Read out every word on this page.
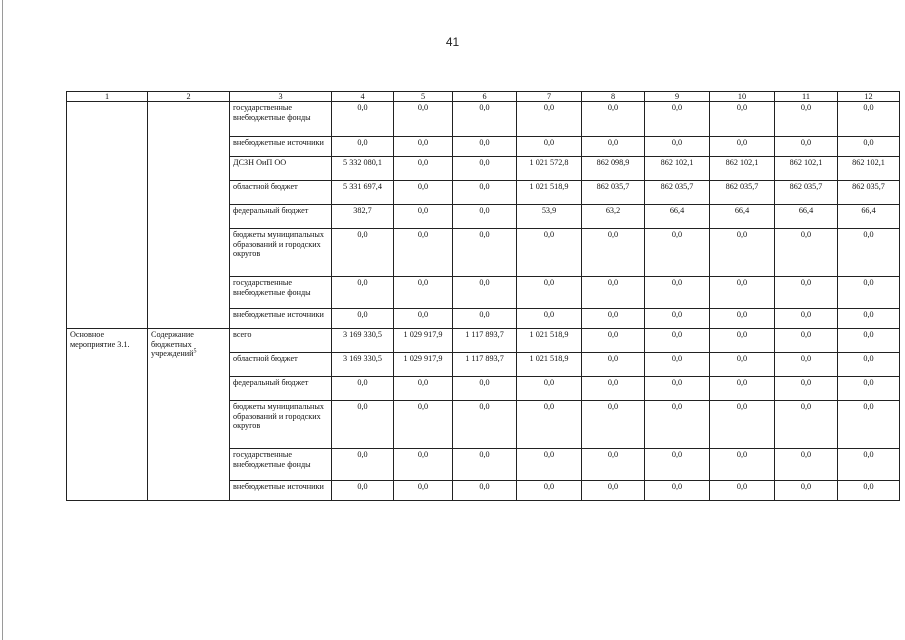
41
1	2	3	4	5	6	7	8	9	10	11	12
		государственные внебюджетные фонды	0,0	0,0	0,0	0,0	0,0	0,0	0,0	0,0	0,0
		внебюджетные источники	0,0	0,0	0,0	0,0	0,0	0,0	0,0	0,0	0,0
		ДСЗН ОиП ОО	5 332 080,1	0,0	0,0	1 021 572,8	862 098,9	862 102,1	862 102,1	862 102,1	862 102,1
		областной бюджет	5 331 697,4	0,0	0,0	1 021 518,9	862 035,7	862 035,7	862 035,7	862 035,7	862 035,7
		федеральный бюджет	382,7	0,0	0,0	53,9	63,2	66,4	66,4	66,4	66,4
		бюджеты муниципальных образований и городских округов	0,0	0,0	0,0	0,0	0,0	0,0	0,0	0,0	0,0
		государственные внебюджетные фонды	0,0	0,0	0,0	0,0	0,0	0,0	0,0	0,0	0,0
		внебюджетные источники	0,0	0,0	0,0	0,0	0,0	0,0	0,0	0,0	0,0
Основное мероприятие 3.1.	Содержание бюджетных учреждений$^5$	всего	3 169 330,5	1 029 917,9	1 117 893,7	1 021 518,9	0,0	0,0	0,0	0,0	0,0
		областной бюджет	3 169 330,5	1 029 917,9	1 117 893,7	1 021 518,9	0,0	0,0	0,0	0,0	0,0
		федеральный бюджет	0,0	0,0	0,0	0,0	0,0	0,0	0,0	0,0	0,0
		бюджеты муниципальных образований и городских округов	0,0	0,0	0,0	0,0	0,0	0,0	0,0	0,0	0,0
		государственные внебюджетные фонды	0,0	0,0	0,0	0,0	0,0	0,0	0,0	0,0	0,0
		внебюджетные источники	0,0	0,0	0,0	0,0	0,0	0,0	0,0	0,0	0,0
